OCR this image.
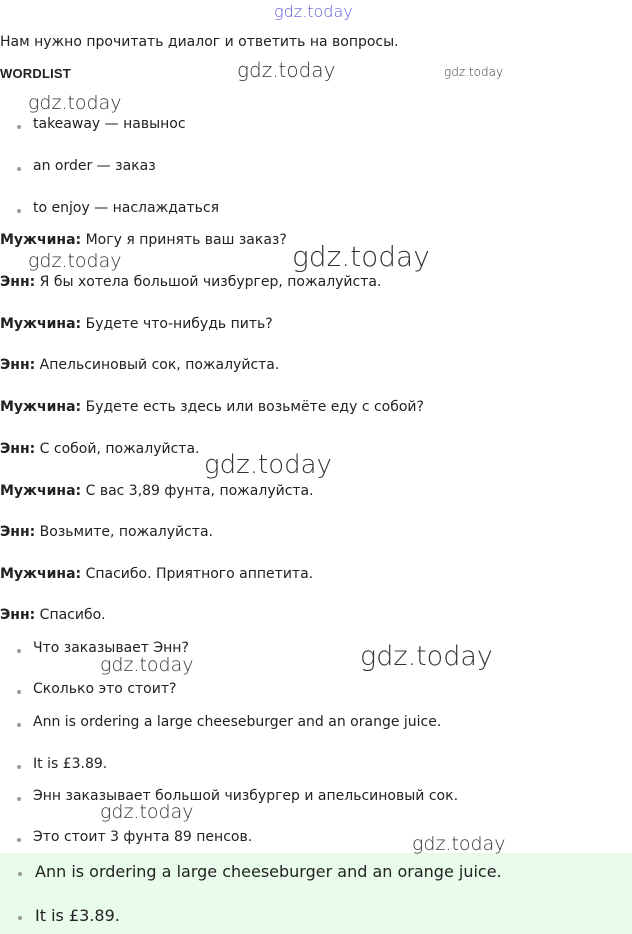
gdz.today
gdz.today	gdz.today
gdz.today
gdz.today	gdz.today
gdz.today
gdz.today	gdz.today
gdz.today
gdz.today
Нам нужно прочитать диалог и ответить на вопросы.
WORDLIST
takeaway — навынос
an order — заказ
to enjoy — наслаждаться
Мужчина: Могу я принять ваш заказ?
Энн: Я бы хотела большой чизбургер, пожалуйста.
Мужчина: Будете что-нибудь пить?
Энн: Апельсиновый сок, пожалуйста.
Мужчина: Будете есть здесь или возьмёте еду с собой?
Энн: С собой, пожалуйста.
Мужчина: С вас 3,89 фунта, пожалуйста.
Энн: Возьмите, пожалуйста.
Мужчина: Спасибо. Приятного аппетита.
Энн: Спасибо.
Что заказывает Энн?
Сколько это стоит?
Ann is ordering a large cheeseburger and an orange juice.
It is £3.89.
Энн заказывает большой чизбургер и апельсиновый сок.
Это стоит 3 фунта 89 пенсов.
Ann is ordering a large cheeseburger and an orange juice.
It is £3.89.
